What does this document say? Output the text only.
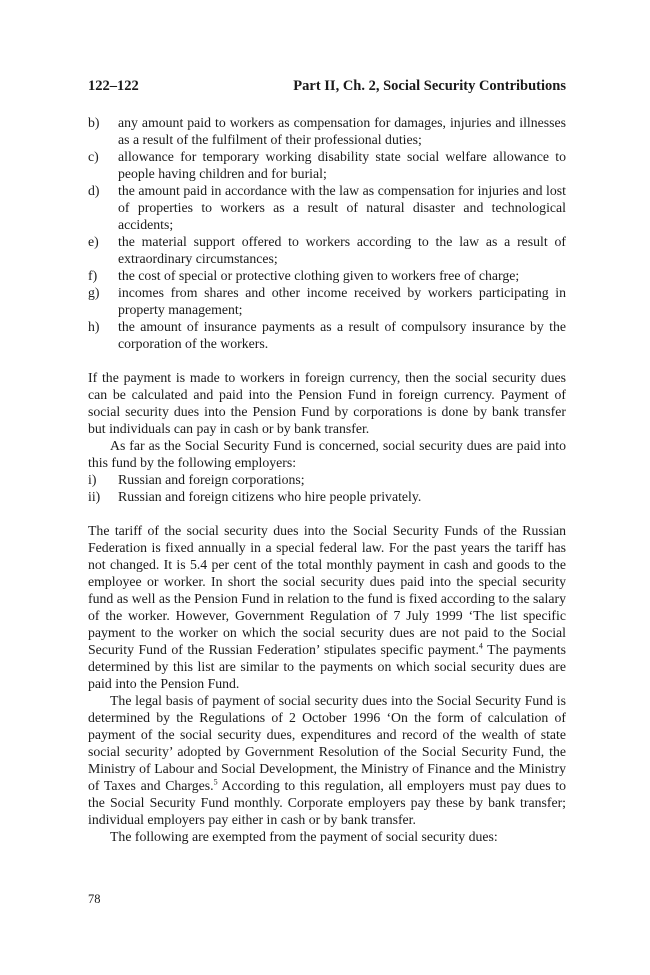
122–122	Part II, Ch. 2, Social Security Contributions
b)	any amount paid to workers as compensation for damages, injuries and illnesses as a result of the fulfilment of their professional duties;
c)	allowance for temporary working disability state social welfare allowance to people having children and for burial;
d)	the amount paid in accordance with the law as compensation for injuries and lost of properties to workers as a result of natural disaster and technological accidents;
e)	the material support offered to workers according to the law as a result of extraordinary circumstances;
f)	the cost of special or protective clothing given to workers free of charge;
g)	incomes from shares and other income received by workers participating in property management;
h)	the amount of insurance payments as a result of compulsory insurance by the corporation of the workers.

If the payment is made to workers in foreign currency, then the social security dues can be calculated and paid into the Pension Fund in foreign currency. Payment of social security dues into the Pension Fund by corporations is done by bank transfer but individuals can pay in cash or by bank transfer.

As far as the Social Security Fund is concerned, social security dues are paid into this fund by the following employers:

i)	Russian and foreign corporations;
ii)	Russian and foreign citizens who hire people privately.

The tariff of the social security dues into the Social Security Funds of the Russian Federation is fixed annually in a special federal law. For the past years the tariff has not changed. It is 5.4 per cent of the total monthly payment in cash and goods to the employee or worker. In short the social security dues paid into the special security fund as well as the Pension Fund in relation to the fund is fixed according to the salary of the worker. However, Government Regulation of 7 July 1999 ‘The list specific payment to the worker on which the social security dues are not paid to the Social Security Fund of the Russian Federation’ stipulates specific payment.$^4$ The payments determined by this list are similar to the payments on which social security dues are paid into the Pension Fund.

The legal basis of payment of social security dues into the Social Security Fund is determined by the Regulations of 2 October 1996 ‘On the form of calculation of payment of the social security dues, expenditures and record of the wealth of state social security’ adopted by Government Resolution of the Social Security Fund, the Ministry of Labour and Social Development, the Ministry of Finance and the Ministry of Taxes and Charges.$^5$ According to this regulation, all employers must pay dues to the Social Security Fund monthly. Corporate employers pay these by bank transfer; individual employers pay either in cash or by bank transfer.

The following are exempted from the payment of social security dues:

78
